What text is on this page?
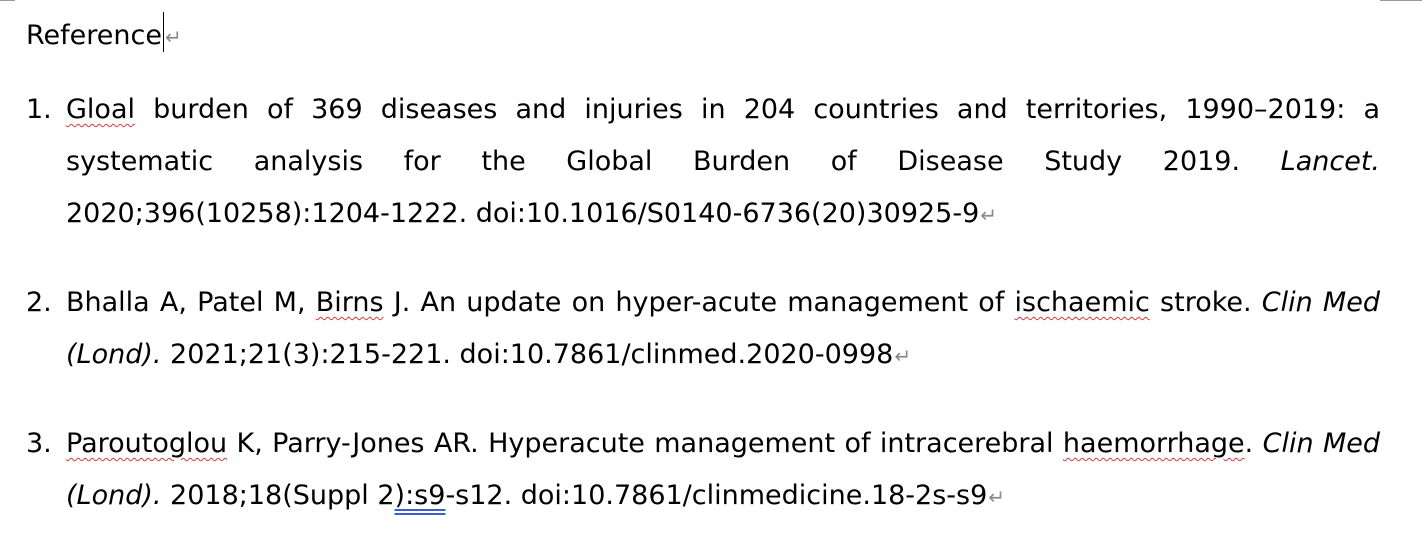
Reference ↵
1. Gloal burden of 369 diseases and injuries in 204 countries and territories, 1990–2019: a systematic analysis for the Global Burden of Disease Study 2019. Lancet. 2020;396(10258):1204-1222. doi:10.1016/S0140-6736(20)30925-9↵
2. Bhalla A, Patel M, Birns J. An update on hyper-acute management of ischaemic stroke. Clin Med (Lond). 2021;21(3):215-221. doi:10.7861/clinmed.2020-0998↵
3. Paroutoglou K, Parry-Jones AR. Hyperacute management of intracerebral haemorrhage. Clin Med (Lond). 2018;18(Suppl 2):s9-s12. doi:10.7861/clinmedicine.18-2s-s9↵
